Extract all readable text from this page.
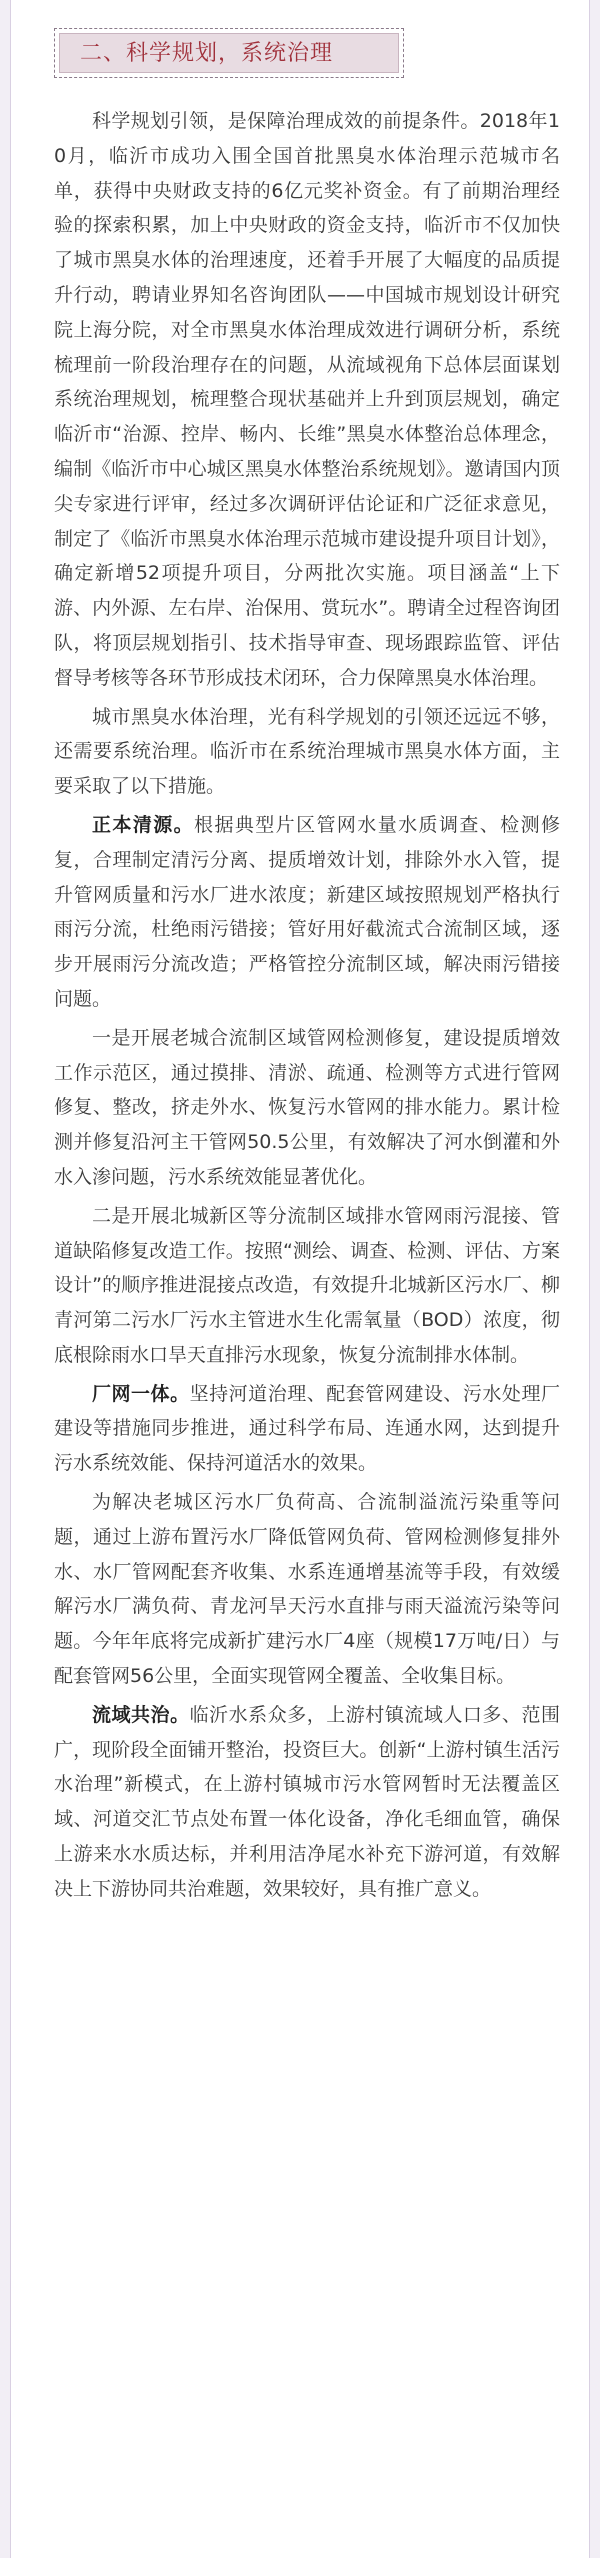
二、科学规划，系统治理

科学规划引领，是保障治理成效的前提条件。2018年10月，临沂市成功入围全国首批黑臭水体治理示范城市名单，获得中央财政支持的6亿元奖补资金。有了前期治理经验的探索积累，加上中央财政的资金支持，临沂市不仅加快了城市黑臭水体的治理速度，还着手开展了大幅度的品质提升行动，聘请业界知名咨询团队——中国城市规划设计研究院上海分院，对全市黑臭水体治理成效进行调研分析，系统梳理前一阶段治理存在的问题，从流域视角下总体层面谋划系统治理规划，梳理整合现状基础并上升到顶层规划，确定临沂市“治源、控岸、畅内、长维”黑臭水体整治总体理念，编制《临沂市中心城区黑臭水体整治系统规划》。邀请国内顶尖专家进行评审，经过多次调研评估论证和广泛征求意见，制定了《临沂市黑臭水体治理示范城市建设提升项目计划》，确定新增52项提升项目，分两批次实施。项目涵盖“上下游、内外源、左右岸、治保用、赏玩水”。聘请全过程咨询团队，将顶层规划指引、技术指导审查、现场跟踪监管、评估督导考核等各环节形成技术闭环，合力保障黑臭水体治理。

城市黑臭水体治理，光有科学规划的引领还远远不够，还需要系统治理。临沂市在系统治理城市黑臭水体方面，主要采取了以下措施。

正本清源。根据典型片区管网水量水质调查、检测修复，合理制定清污分离、提质增效计划，排除外水入管，提升管网质量和污水厂进水浓度；新建区域按照规划严格执行雨污分流，杜绝雨污错接；管好用好截流式合流制区域，逐步开展雨污分流改造；严格管控分流制区域，解决雨污错接问题。

一是开展老城合流制区域管网检测修复，建设提质增效工作示范区，通过摸排、清淤、疏通、检测等方式进行管网修复、整改，挤走外水、恢复污水管网的排水能力。累计检测并修复沿河主干管网50.5公里，有效解决了河水倒灌和外水入渗问题，污水系统效能显著优化。

二是开展北城新区等分流制区域排水管网雨污混接、管道缺陷修复改造工作。按照“测绘、调查、检测、评估、方案设计”的顺序推进混接点改造，有效提升北城新区污水厂、柳青河第二污水厂污水主管进水生化需氧量（BOD）浓度，彻底根除雨水口旱天直排污水现象，恢复分流制排水体制。

厂网一体。坚持河道治理、配套管网建设、污水处理厂建设等措施同步推进，通过科学布局、连通水网，达到提升污水系统效能、保持河道活水的效果。

为解决老城区污水厂负荷高、合流制溢流污染重等问题，通过上游布置污水厂降低管网负荷、管网检测修复排外水、水厂管网配套齐收集、水系连通增基流等手段，有效缓解污水厂满负荷、青龙河旱天污水直排与雨天溢流污染等问题。今年年底将完成新扩建污水厂4座（规模17万吨/日）与配套管网56公里，全面实现管网全覆盖、全收集目标。

流域共治。临沂水系众多，上游村镇流域人口多、范围广，现阶段全面铺开整治，投资巨大。创新“上游村镇生活污水治理”新模式，在上游村镇城市污水管网暂时无法覆盖区域、河道交汇节点处布置一体化设备，净化毛细血管，确保上游来水水质达标，并利用洁净尾水补充下游河道，有效解决上下游协同共治难题，效果较好，具有推广意义。
